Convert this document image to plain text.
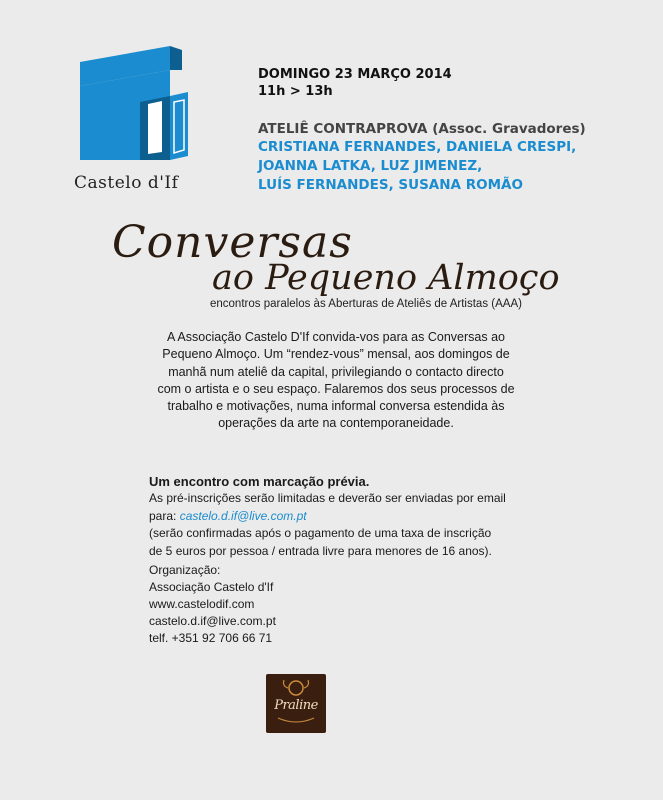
Castelo d'If
DOMINGO 23 MARÇO 2014
11h > 13h
ATELIÊ CONTRAPROVA (Assoc. Gravadores)
CRISTIANA FERNANDES, DANIELA CRESPI,
JOANNA LATKA, LUZ JIMENEZ,
LUÍS FERNANDES, SUSANA ROMÃO
Conversas
ao Pequeno Almoço
encontros paralelos às Aberturas de Ateliês de Artistas (AAA)
A Associação Castelo D'If convida-vos para as Conversas ao
Pequeno Almoço. Um “rendez-vous” mensal, aos domingos de
manhã num ateliê da capital, privilegiando o contacto directo
com o artista e o seu espaço. Falaremos dos seus processos de
trabalho e motivações, numa informal conversa estendida às
operações da arte na contemporaneidade.
Um encontro com marcação prévia.
As pré-inscrições serão limitadas e deverão ser enviadas por email
para: castelo.d.if@live.com.pt
(serão confirmadas após o pagamento de uma taxa de inscrição
de 5 euros por pessoa / entrada livre para menores de 16 anos).
Organização:
Associação Castelo d'If
www.castelodif.com
castelo.d.if@live.com.pt
telf. +351 92 706 66 71
Praline
